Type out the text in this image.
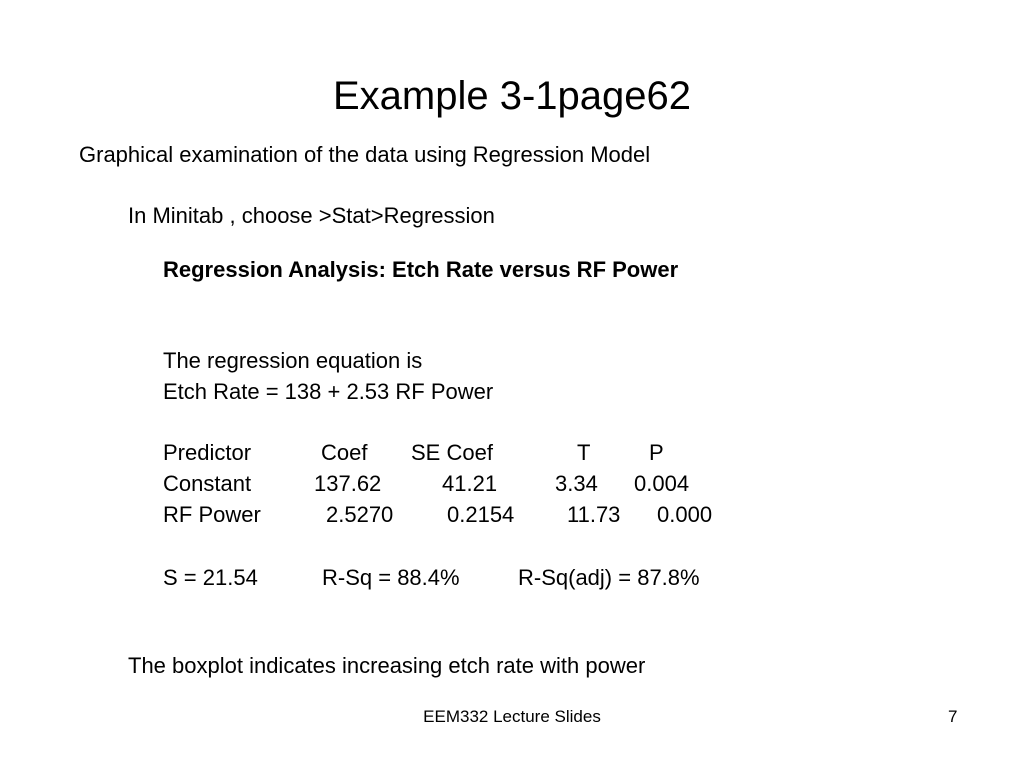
Example 3-1page62
Graphical examination of the data using Regression Model
In Minitab , choose >Stat>Regression
Regression Analysis: Etch Rate versus RF Power
The regression equation is
Etch Rate = 138 + 2.53 RF Power
Predictor	Coef SE Coef	T	P
Constant	137.62	41.21	3.34 0.004
RF Power	2.5270 0.2154 11.73 0.000
S = 21.54	R-Sq = 88.4%	R-Sq(adj) = 87.8%
The boxplot indicates increasing etch rate with power
EEM332 Lecture Slides	7
